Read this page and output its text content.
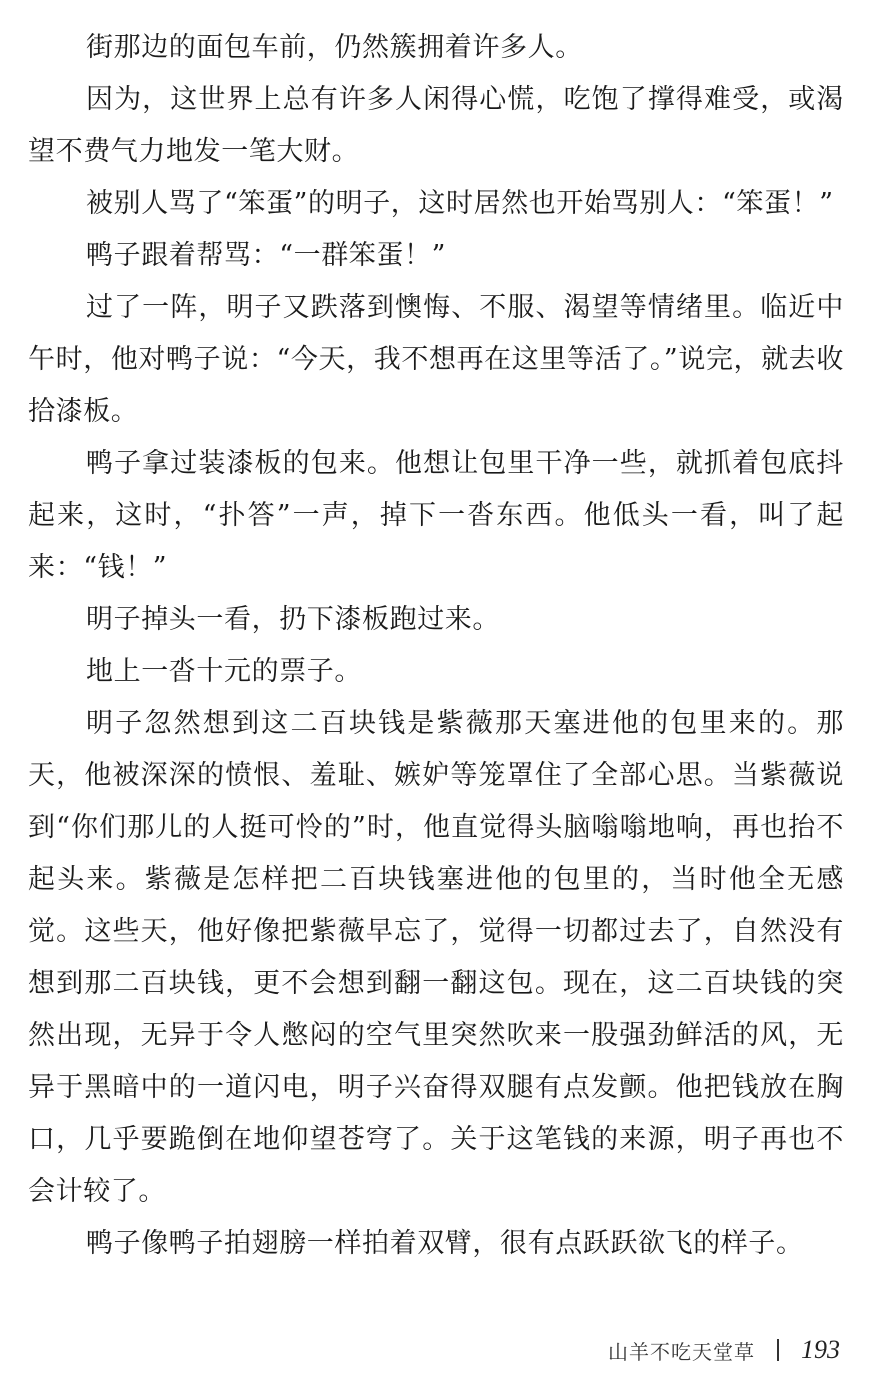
街那边的面包车前，仍然簇拥着许多人。

因为，这世界上总有许多人闲得心慌，吃饱了撑得难受，或渴望不费气力地发一笔大财。

被别人骂了“笨蛋”的明子，这时居然也开始骂别人：“笨蛋！”

鸭子跟着帮骂：“一群笨蛋！”

过了一阵，明子又跌落到懊悔、不服、渴望等情绪里。临近中午时，他对鸭子说：“今天，我不想再在这里等活了。”说完，就去收拾漆板。

鸭子拿过装漆板的包来。他想让包里干净一些，就抓着包底抖起来，这时，“扑答”一声，掉下一沓东西。他低头一看，叫了起来：“钱！”

明子掉头一看，扔下漆板跑过来。

地上一沓十元的票子。

明子忽然想到这二百块钱是紫薇那天塞进他的包里来的。那天，他被深深的愤恨、羞耻、嫉妒等笼罩住了全部心思。当紫薇说到“你们那儿的人挺可怜的”时，他直觉得头脑嗡嗡地响，再也抬不起头来。紫薇是怎样把二百块钱塞进他的包里的，当时他全无感觉。这些天，他好像把紫薇早忘了，觉得一切都过去了，自然没有想到那二百块钱，更不会想到翻一翻这包。现在，这二百块钱的突然出现，无异于令人憋闷的空气里突然吹来一股强劲鲜活的风，无异于黑暗中的一道闪电，明子兴奋得双腿有点发颤。他把钱放在胸口，几乎要跪倒在地仰望苍穹了。关于这笔钱的来源，明子再也不会计较了。

鸭子像鸭子拍翅膀一样拍着双臂，很有点跃跃欲飞的样子。

山羊不吃天堂草 193
